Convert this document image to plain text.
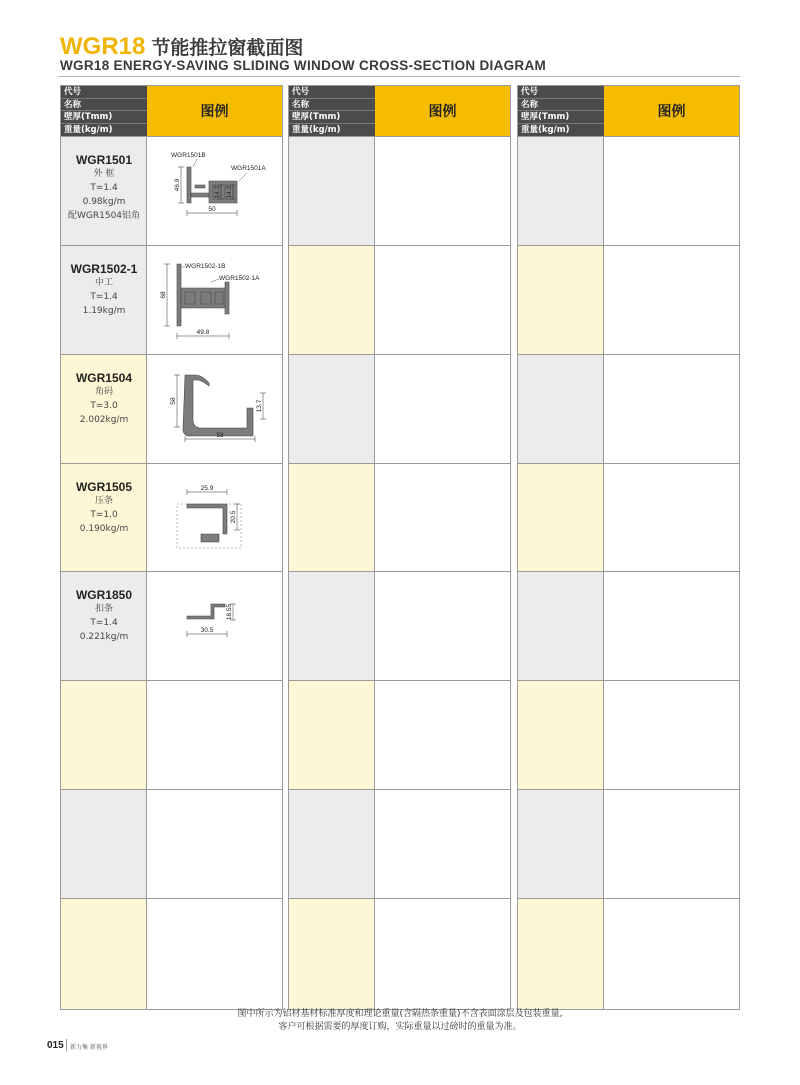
WGR18 节能推拉窗截面图
WGR18 ENERGY-SAVING SLIDING WINDOW CROSS-SECTION DIAGRAM
代号
名称
壁厚(Tmm)
重量(kg/m)
图例
WGR1501
外 框
T=1.4
0.98kg/m
配WGR1504铝角
WGR1501B
WGR1501A
46.9
14.2 14.2
50
WGR1502-1
中工
T=1.4
1.19kg/m
WGR1502-1B
WGR1502-1A
68
49.8
WGR1504
角码
T=3.0
2.002kg/m
58	13.7
58
WGR1505
压条
T=1.0
0.190kg/m
25.9
20.5
WGR1850
扣条
T=1.4
0.221kg/m
18.55
30.5
代号
名称
壁厚(Tmm)
重量(kg/m)
图例
代号
名称
壁厚(Tmm)
重量(kg/m)
图例
图中所示为铝材基材标准厚度和理论重量(含隔热条重量)不含表面涂层及包装重量,
客户可根据需要的厚度订购，实际重量以过磅时的重量为准。
015 新力集 新视界
